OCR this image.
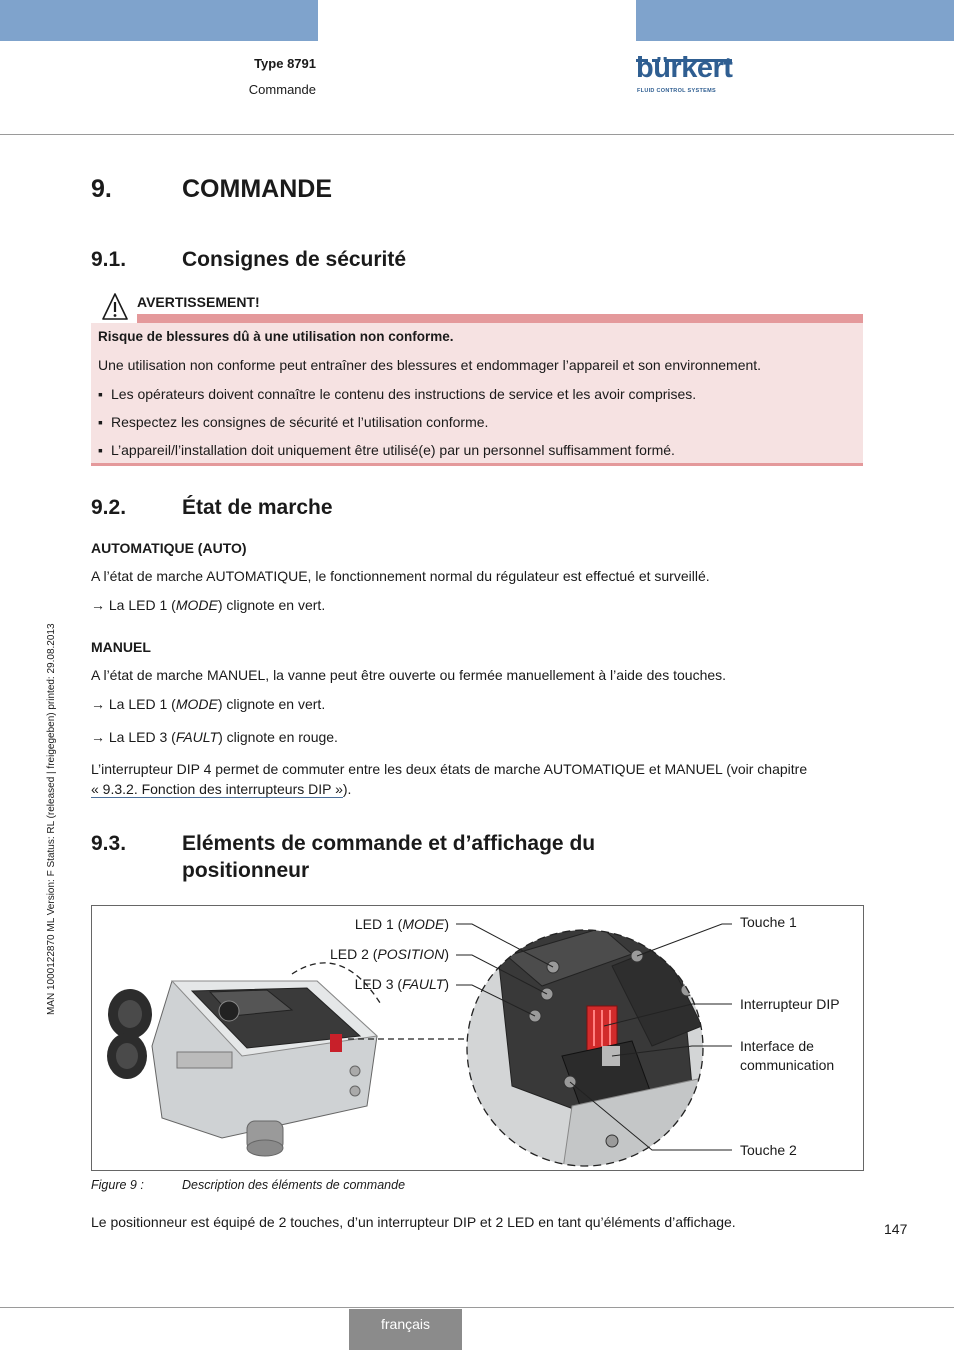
Type 8791
Commande
bürkert
FLUID CONTROL SYSTEMS
MAN 1000122870 ML Version: F Status: RL (released | freigegeben) printed: 29.08.2013
9.	COMMANDE
9.1.	Consignes de sécurité
AVERTISSEMENT!
Risque de blessures dû à une utilisation non conforme.
Une utilisation non conforme peut entraîner des blessures et endommager l’appareil et son environnement.
▪ Les opérateurs doivent connaître le contenu des instructions de service et les avoir comprises.
▪ Respectez les consignes de sécurité et l’utilisation conforme.
▪ L’appareil/l’installation doit uniquement être utilisé(e) par un personnel suffisamment formé.
9.2.	État de marche
AUTOMATIQUE (AUTO)
A l’état de marche AUTOMATIQUE, le fonctionnement normal du régulateur est effectué et surveillé.
→ La LED 1 (MODE) clignote en vert.
MANUEL
A l’état de marche MANUEL, la vanne peut être ouverte ou fermée manuellement à l’aide des touches.
→ La LED 1 (MODE) clignote en vert.
→ La LED 3 (FAULT) clignote en rouge.
L’interrupteur DIP 4 permet de commuter entre les deux états de marche AUTOMATIQUE et MANUEL (voir chapitre
« 9.3.2. Fonction des interrupteurs DIP »).
9.3.	Eléments de commande et d’affichage du
positionneur
LED 1 (MODE)
LED 2 (POSITION)
LED 3 (FAULT)
Touche 1
Interrupteur DIP
Interface de
communication
Touche 2
Figure 9 :	Description des éléments de commande
Le positionneur est équipé de 2 touches, d’un interrupteur DIP et 2 LED en tant qu’éléments d’affichage.	147
français
